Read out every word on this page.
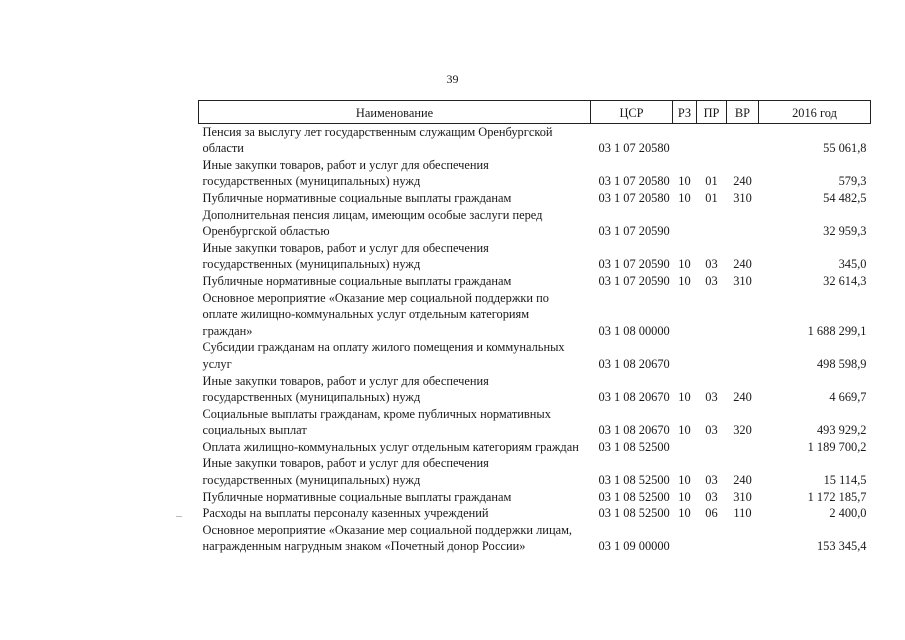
39
Наименование	ЦСР	РЗ	ПР	ВР	2016 год
Пенсия за выслугу лет государственным служащим Оренбургской области	03 1 07 20580				55 061,8
Иные закупки товаров, работ и услуг для обеспечения государственных (муниципальных) нужд	03 1 07 20580	10	01	240	579,3
Публичные нормативные социальные выплаты гражданам	03 1 07 20580	10	01	310	54 482,5
Дополнительная пенсия лицам, имеющим особые заслуги перед Оренбургской областью	03 1 07 20590				32 959,3
Иные закупки товаров, работ и услуг для обеспечения государственных (муниципальных) нужд	03 1 07 20590	10	03	240	345,0
Публичные нормативные социальные выплаты гражданам	03 1 07 20590	10	03	310	32 614,3
Основное мероприятие «Оказание мер социальной поддержки по оплате жилищно-коммунальных услуг отдельным категориям граждан»	03 1 08 00000				1 688 299,1
Субсидии гражданам на оплату жилого помещения и коммунальных услуг	03 1 08 20670				498 598,9
Иные закупки товаров, работ и услуг для обеспечения государственных (муниципальных) нужд	03 1 08 20670	10	03	240	4 669,7
Социальные выплаты гражданам, кроме публичных нормативных социальных выплат	03 1 08 20670	10	03	320	493 929,2
Оплата жилищно-коммунальных услуг отдельным категориям граждан	03 1 08 52500				1 189 700,2
Иные закупки товаров, работ и услуг для обеспечения государственных (муниципальных) нужд	03 1 08 52500	10	03	240	15 114,5
Публичные нормативные социальные выплаты гражданам	03 1 08 52500	10	03	310	1 172 185,7
Расходы на выплаты персоналу казенных учреждений	03 1 08 52500	10	06	110	2 400,0
Основное мероприятие «Оказание мер социальной поддержки лицам, награжденным нагрудным знаком «Почетный донор России»	03 1 09 00000				153 345,4
